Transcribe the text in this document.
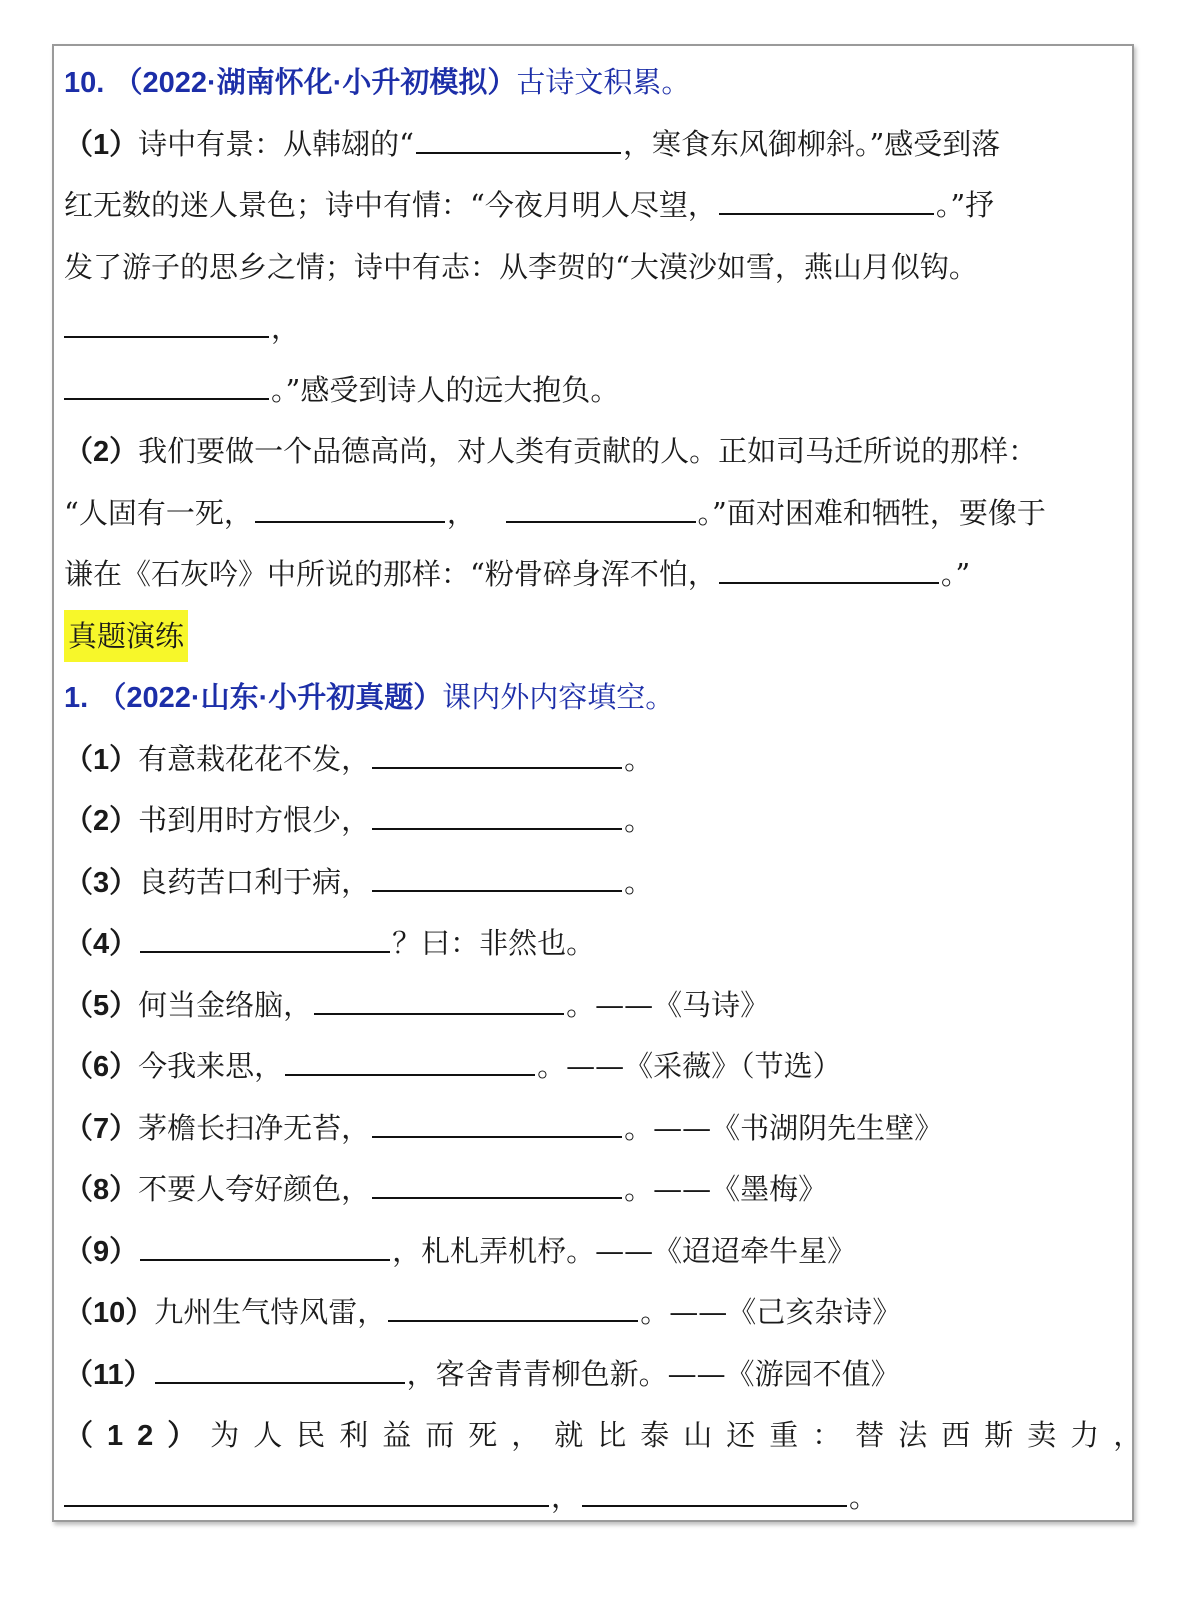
10. （2022·湖南怀化·小升初模拟）古诗文积累。
（1）诗中有景：从韩翃的“	，寒食东风御柳斜。”感受到落
红无数的迷人景色；诗中有情：“今夜月明人尽望，	。”抒
发了游子的思乡之情；诗中有志：从李贺的“大漠沙如雪，燕山月似钩。
，
。”感受到诗人的远大抱负。
（2）我们要做一个品德高尚，对人类有贡献的人。正如司马迁所说的那样：
“人固有一死，	，	。”面对困难和牺牲，要像于
谦在《石灰吟》中所说的那样：“粉骨碎身浑不怕，	。”
真题演练
1. （2022·山东·小升初真题）课内外内容填空。
（1）有意栽花花不发，	。
（2）书到用时方恨少，	。
（3）良药苦口利于病，	。
（4）	？曰：非然也。
（5）何当金络脑，	。——《马诗》
（6）今我来思，	。——《采薇》（节选）
（7）茅檐长扫净无苔，	。——《书湖阴先生壁》
（8）不要人夸好颜色，	。——《墨梅》
（9）	，札札弄机杼。——《迢迢牵牛星》
（10）九州生气恃风雷，	。——《己亥杂诗》
（11）	，客舍青青柳色新。——《游园不值》
（12）为人民利益而死，就比泰山还重：替法西斯卖力，
，	。
